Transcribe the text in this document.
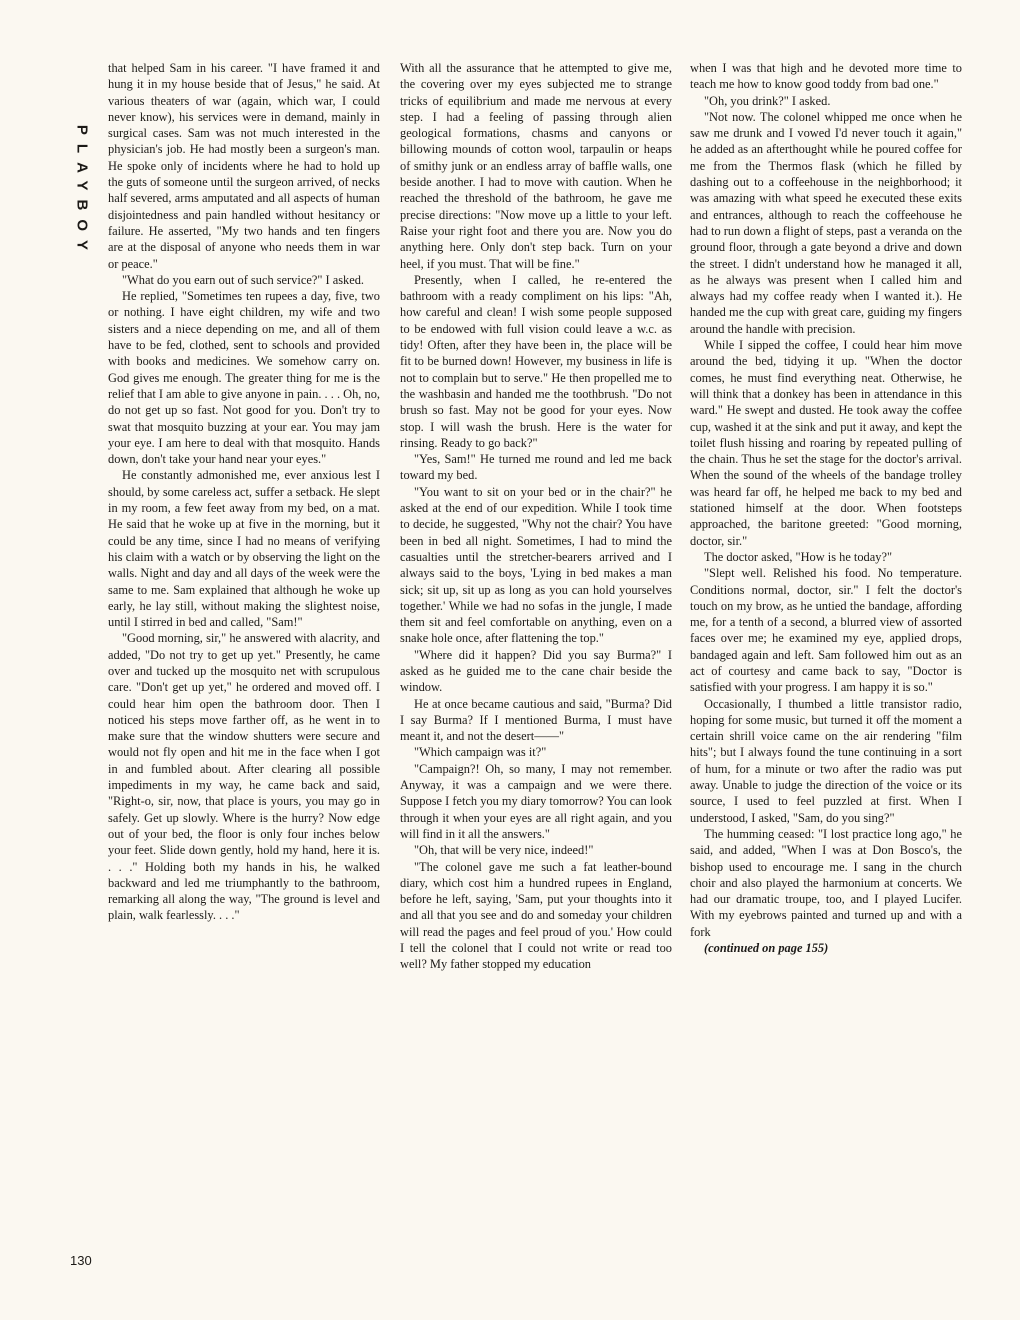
PLAYBOY
130

that helped Sam in his career. "I have framed it and hung it in my house beside that of Jesus," he said. At various theaters of war (again, which war, I could never know), his services were in demand, mainly in surgical cases. Sam was not much interested in the physician's job. He had mostly been a surgeon's man. He spoke only of incidents where he had to hold up the guts of someone until the surgeon arrived, of necks half severed, arms amputated and all aspects of human disjointedness and pain handled without hesitancy or failure. He asserted, "My two hands and ten fingers are at the disposal of anyone who needs them in war or peace."

"What do you earn out of such service?" I asked.

He replied, "Sometimes ten rupees a day, five, two or nothing. I have eight children, my wife and two sisters and a niece depending on me, and all of them have to be fed, clothed, sent to schools and provided with books and medicines. We somehow carry on. God gives me enough. The greater thing for me is the relief that I am able to give anyone in pain. . . . Oh, no, do not get up so fast. Not good for you. Don't try to swat that mosquito buzzing at your ear. You may jam your eye. I am here to deal with that mosquito. Hands down, don't take your hand near your eyes."

He constantly admonished me, ever anxious lest I should, by some careless act, suffer a setback. He slept in my room, a few feet away from my bed, on a mat. He said that he woke up at five in the morning, but it could be any time, since I had no means of verifying his claim with a watch or by observing the light on the walls. Night and day and all days of the week were the same to me. Sam explained that although he woke up early, he lay still, without making the slightest noise, until I stirred in bed and called, "Sam!"

"Good morning, sir," he answered with alacrity, and added, "Do not try to get up yet." Presently, he came over and tucked up the mosquito net with scrupulous care. "Don't get up yet," he ordered and moved off. I could hear him open the bathroom door. Then I noticed his steps move farther off, as he went in to make sure that the window shutters were secure and would not fly open and hit me in the face when I got in and fumbled about. After clearing all possible impediments in my way, he came back and said, "Right-o, sir, now, that place is yours, you may go in safely. Get up slowly. Where is the hurry? Now edge out of your bed, the floor is only four inches below your feet. Slide down gently, hold my hand, here it is. . . ." Holding both my hands in his, he walked backward and led me triumphantly to the bathroom, remarking all along the way, "The ground is level and plain, walk fearlessly. . . ."

With all the assurance that he attempted to give me, the covering over my eyes subjected me to strange tricks of equilibrium and made me nervous at every step. I had a feeling of passing through alien geological formations, chasms and canyons or billowing mounds of cotton wool, tarpaulin or heaps of smithy junk or an endless array of baffle walls, one beside another. I had to move with caution. When he reached the threshold of the bathroom, he gave me precise directions: "Now move up a little to your left. Raise your right foot and there you are. Now you do anything here. Only don't step back. Turn on your heel, if you must. That will be fine."

Presently, when I called, he re-entered the bathroom with a ready compliment on his lips: "Ah, how careful and clean! I wish some people supposed to be endowed with full vision could leave a w.c. as tidy! Often, after they have been in, the place will be fit to be burned down! However, my business in life is not to complain but to serve." He then propelled me to the washbasin and handed me the toothbrush. "Do not brush so fast. May not be good for your eyes. Now stop. I will wash the brush. Here is the water for rinsing. Ready to go back?"

"Yes, Sam!" He turned me round and led me back toward my bed.

"You want to sit on your bed or in the chair?" he asked at the end of our expedition. While I took time to decide, he suggested, "Why not the chair? You have been in bed all night. Sometimes, I had to mind the casualties until the stretcher-bearers arrived and I always said to the boys, 'Lying in bed makes a man sick; sit up, sit up as long as you can hold yourselves together.' While we had no sofas in the jungle, I made them sit and feel comfortable on anything, even on a snake hole once, after flattening the top."

"Where did it happen? Did you say Burma?" I asked as he guided me to the cane chair beside the window.

He at once became cautious and said, "Burma? Did I say Burma? If I mentioned Burma, I must have meant it, and not the desert——"

"Which campaign was it?"

"Campaign?! Oh, so many, I may not remember. Anyway, it was a campaign and we were there. Suppose I fetch you my diary tomorrow? You can look through it when your eyes are all right again, and you will find in it all the answers."

"Oh, that will be very nice, indeed!"

"The colonel gave me such a fat leather-bound diary, which cost him a hundred rupees in England, before he left, saying, 'Sam, put your thoughts into it and all that you see and do and someday your children will read the pages and feel proud of you.' How could I tell the colonel that I could not write or read too well? My father stopped my education

when I was that high and he devoted more time to teach me how to know good toddy from bad one."

"Oh, you drink?" I asked.

"Not now. The colonel whipped me once when he saw me drunk and I vowed I'd never touch it again," he added as an afterthought while he poured coffee for me from the Thermos flask (which he filled by dashing out to a coffeehouse in the neighborhood; it was amazing with what speed he executed these exits and entrances, although to reach the coffeehouse he had to run down a flight of steps, past a veranda on the ground floor, through a gate beyond a drive and down the street. I didn't understand how he managed it all, as he always was present when I called him and always had my coffee ready when I wanted it.). He handed me the cup with great care, guiding my fingers around the handle with precision.

While I sipped the coffee, I could hear him move around the bed, tidying it up. "When the doctor comes, he must find everything neat. Otherwise, he will think that a donkey has been in attendance in this ward." He swept and dusted. He took away the coffee cup, washed it at the sink and put it away, and kept the toilet flush hissing and roaring by repeated pulling of the chain. Thus he set the stage for the doctor's arrival. When the sound of the wheels of the bandage trolley was heard far off, he helped me back to my bed and stationed himself at the door. When footsteps approached, the baritone greeted: "Good morning, doctor, sir."

The doctor asked, "How is he today?"

"Slept well. Relished his food. No temperature. Conditions normal, doctor, sir." I felt the doctor's touch on my brow, as he untied the bandage, affording me, for a tenth of a second, a blurred view of assorted faces over me; he examined my eye, applied drops, bandaged again and left. Sam followed him out as an act of courtesy and came back to say, "Doctor is satisfied with your progress. I am happy it is so."

Occasionally, I thumbed a little transistor radio, hoping for some music, but turned it off the moment a certain shrill voice came on the air rendering "film hits"; but I always found the tune continuing in a sort of hum, for a minute or two after the radio was put away. Unable to judge the direction of the voice or its source, I used to feel puzzled at first. When I understood, I asked, "Sam, do you sing?"

The humming ceased: "I lost practice long ago," he said, and added, "When I was at Don Bosco's, the bishop used to encourage me. I sang in the church choir and also played the harmonium at concerts. We had our dramatic troupe, too, and I played Lucifer. With my eyebrows painted and turned up and with a fork

(continued on page 155)
